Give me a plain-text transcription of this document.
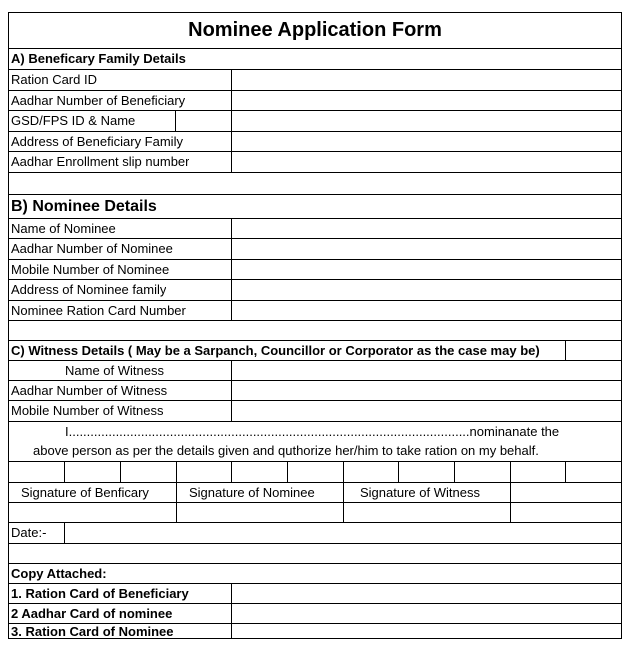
Nominee Application Form
A) Beneficary Family Details
Ration Card ID
Aadhar Number of Beneficiary
GSD/FPS ID & Name
Address of Beneficiary Family
Aadhar Enrollment slip number
B) Nominee Details
Name of Nominee
Aadhar Number of Nominee
Mobile Number of Nominee
Address of Nominee family
Nominee Ration Card Number
C) Witness Details ( May be a Sarpanch, Councillor or Corporator as the case may be)
Name of Witness
Aadhar Number of Witness
Mobile Number of Witness
I...............................................................................................................nominanate the
above person as per the details given and quthorize her/him to take ration on my behalf.
Signature of Benficary	Signature of Nominee	Signature of Witness
Date:-
Copy Attached:
1. Ration Card of Beneficiary
2 Aadhar Card of nominee
3. Ration Card of Nominee
